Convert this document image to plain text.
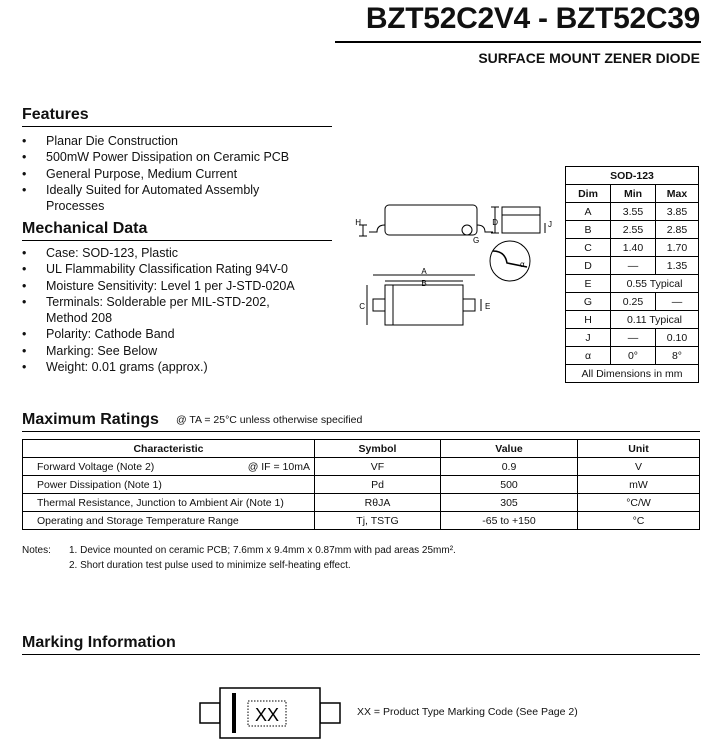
BZT52C2V4 - BZT52C39
SURFACE MOUNT ZENER DIODE
Features
• Planar Die Construction
• 500mW Power Dissipation on Ceramic PCB
• General Purpose, Medium Current
• Ideally Suited for Automated Assembly Processes
Mechanical Data
• Case: SOD-123, Plastic
• UL Flammability Classification Rating 94V-0
• Moisture Sensitivity: Level 1 per J-STD-020A
• Terminals: Solderable per MIL-STD-202, Method 208
• Polarity: Cathode Band
• Marking: See Below
• Weight: 0.01 grams (approx.)
H
G
D	J
α
A
B
C	E
SOD-123		
Dim	Min	Max
A	3.55	3.85
B	2.55	2.85
C	1.40	1.70
D	—	1.35
E	0.55 Typical	
G	0.25	—
H	0.11 Typical	
J	—	0.10
α	0°	8°
All Dimensions in mm		
Maximum Ratings @ TA = 25°C unless otherwise specified
Characteristic	Symbol	Value	Unit
Forward Voltage (Note 2) @ IF = 10mA	VF	0.9	V
Power Dissipation (Note 1)	Pd	500	mW
Thermal Resistance, Junction to Ambient Air (Note 1)	RθJA	305	°C/W
Operating and Storage Temperature Range	Tj, TSTG	-65 to +150	°C
Notes: 1. Device mounted on ceramic PCB; 7.6mm x 9.4mm x 0.87mm with pad areas 25mm².
2. Short duration test pulse used to minimize self-heating effect.
Marking Information
XX	XX = Product Type Marking Code (See Page 2)
